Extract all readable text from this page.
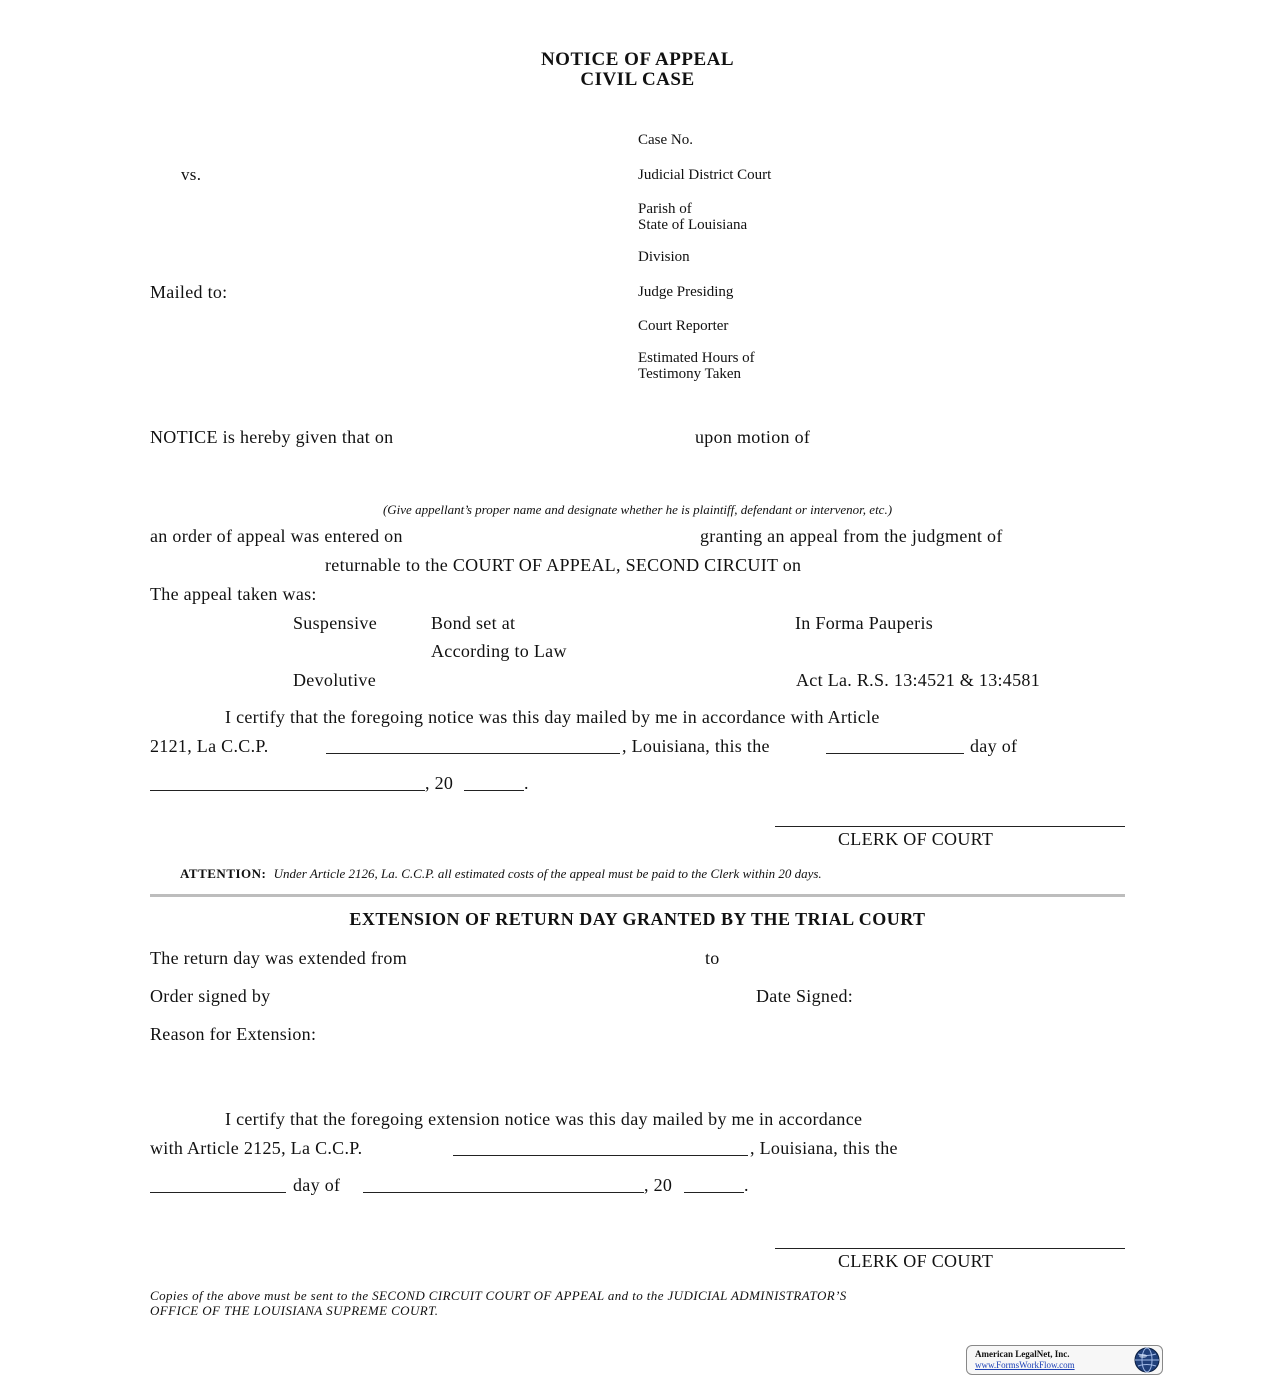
NOTICE OF APPEAL
CIVIL CASE
vs.
Mailed to:
Case No.
Judicial District Court
Parish of
State of Louisiana
Division
Judge Presiding
Court Reporter
Estimated Hours of
Testimony Taken
NOTICE is hereby given that on	upon motion of
(Give appellant’s proper name and designate whether he is plaintiff, defendant or intervenor, etc.)
an order of appeal was entered on	granting an appeal from the judgment of
returnable to the COURT OF APPEAL, SECOND CIRCUIT on
The appeal taken was:
Suspensive	Bond set at	In Forma Pauperis
According to Law
Devolutive	Act La. R.S. 13:4521 & 13:4581
I certify that the foregoing notice was this day mailed by me in accordance with Article
2121, La C.C.P.	, Louisiana, this the	day of
, 20	.
CLERK OF COURT
ATTENTION: Under Article 2126, La. C.C.P. all estimated costs of the appeal must be paid to the Clerk within 20 days.
EXTENSION OF RETURN DAY GRANTED BY THE TRIAL COURT
The return day was extended from	to
Order signed by	Date Signed:
Reason for Extension:
I certify that the foregoing extension notice was this day mailed by me in accordance
with Article 2125, La C.C.P.	, Louisiana, this the
day of	, 20	.
CLERK OF COURT
Copies of the above must be sent to the SECOND CIRCUIT COURT OF APPEAL and to the JUDICIAL ADMINISTRATOR’S
OFFICE OF THE LOUISIANA SUPREME COURT.
American LegalNet, Inc.
www.FormsWorkFlow.com
